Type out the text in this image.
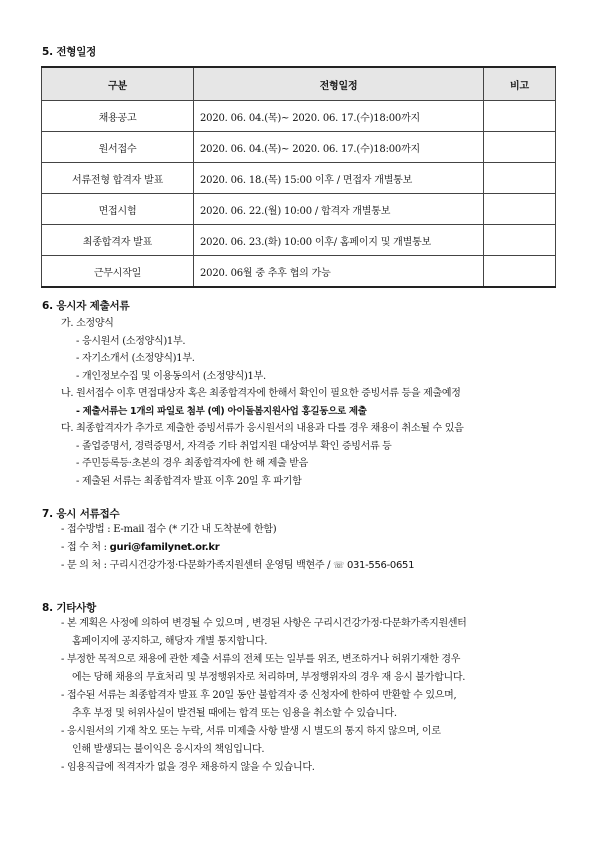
5. 전형일정
구분	전형일정	비고
채용공고	2020. 06. 04.(목)~ 2020. 06. 17.(수)18:00까지	
원서접수	2020. 06. 04.(목)~ 2020. 06. 17.(수)18:00까지	
서류전형 합격자 발표	2020. 06. 18.(목) 15:00 이후 / 면접자 개별통보	
면접시험	2020. 06. 22.(월) 10:00 / 합격자 개별통보	
최종합격자 발표	2020. 06. 23.(화) 10:00 이후/ 홈페이지 및 개별통보	
근무시작일	2020. 06월 중 추후 협의 가능	
6. 응시자 제출서류
가. 소정양식
- 응시원서 (소정양식)1부.
- 자기소개서 (소정양식)1부.
- 개인정보수집 및 이용동의서 (소정양식)1부.
나. 원서접수 이후 면접대상자 혹은 최종합격자에 한해서 확인이 필요한 증빙서류 등을 제출예정
- 제출서류는 1개의 파일로 첨부 (예) 아이돌봄지원사업 홍길동으로 제출
다. 최종합격자가 추가로 제출한 증빙서류가 응시원서의 내용과 다를 경우 채용이 취소될 수 있음
- 졸업증명서, 경력증명서, 자격증 기타 취업지원 대상여부 확인 증빙서류 등
- 주민등록등·초본의 경우 최종합격자에 한 해 제출 받음
- 제출된 서류는 최종합격자 발표 이후 20일 후 파기함
7. 응시 서류접수
- 접수방법 : E-mail 접수 (* 기간 내 도착분에 한함)
- 접 수 처 : guri@familynet.or.kr
- 문 의 처 : 구리시건강가정·다문화가족지원센터 운영팀 백현주 / ☏ 031-556-0651
8. 기타사항
- 본 계획은 사정에 의하여 변경될 수 있으며 , 변경된 사항은 구리시건강가정·다문화가족지원센터
홈페이지에 공지하고, 해당자 개별 통지합니다.
- 부정한 목적으로 채용에 관한 제출 서류의 전체 또는 일부를 위조, 변조하거나 허위기재한 경우
에는 당해 채용의 무효처리 및 부정행위자로 처리하며, 부정행위자의 경우 재 응시 불가합니다.
- 접수된 서류는 최종합격자 발표 후 20일 동안 불합격자 중 신청자에 한하여 반환할 수 있으며,
추후 부정 및 허위사실이 발견될 때에는 합격 또는 임용을 취소할 수 있습니다.
- 응시원서의 기재 착오 또는 누락, 서류 미제출 사항 발생 시 별도의 통지 하지 않으며, 이로
인해 발생되는 불이익은 응시자의 책임입니다.
- 임용직급에 적격자가 없을 경우 채용하지 않을 수 있습니다.
